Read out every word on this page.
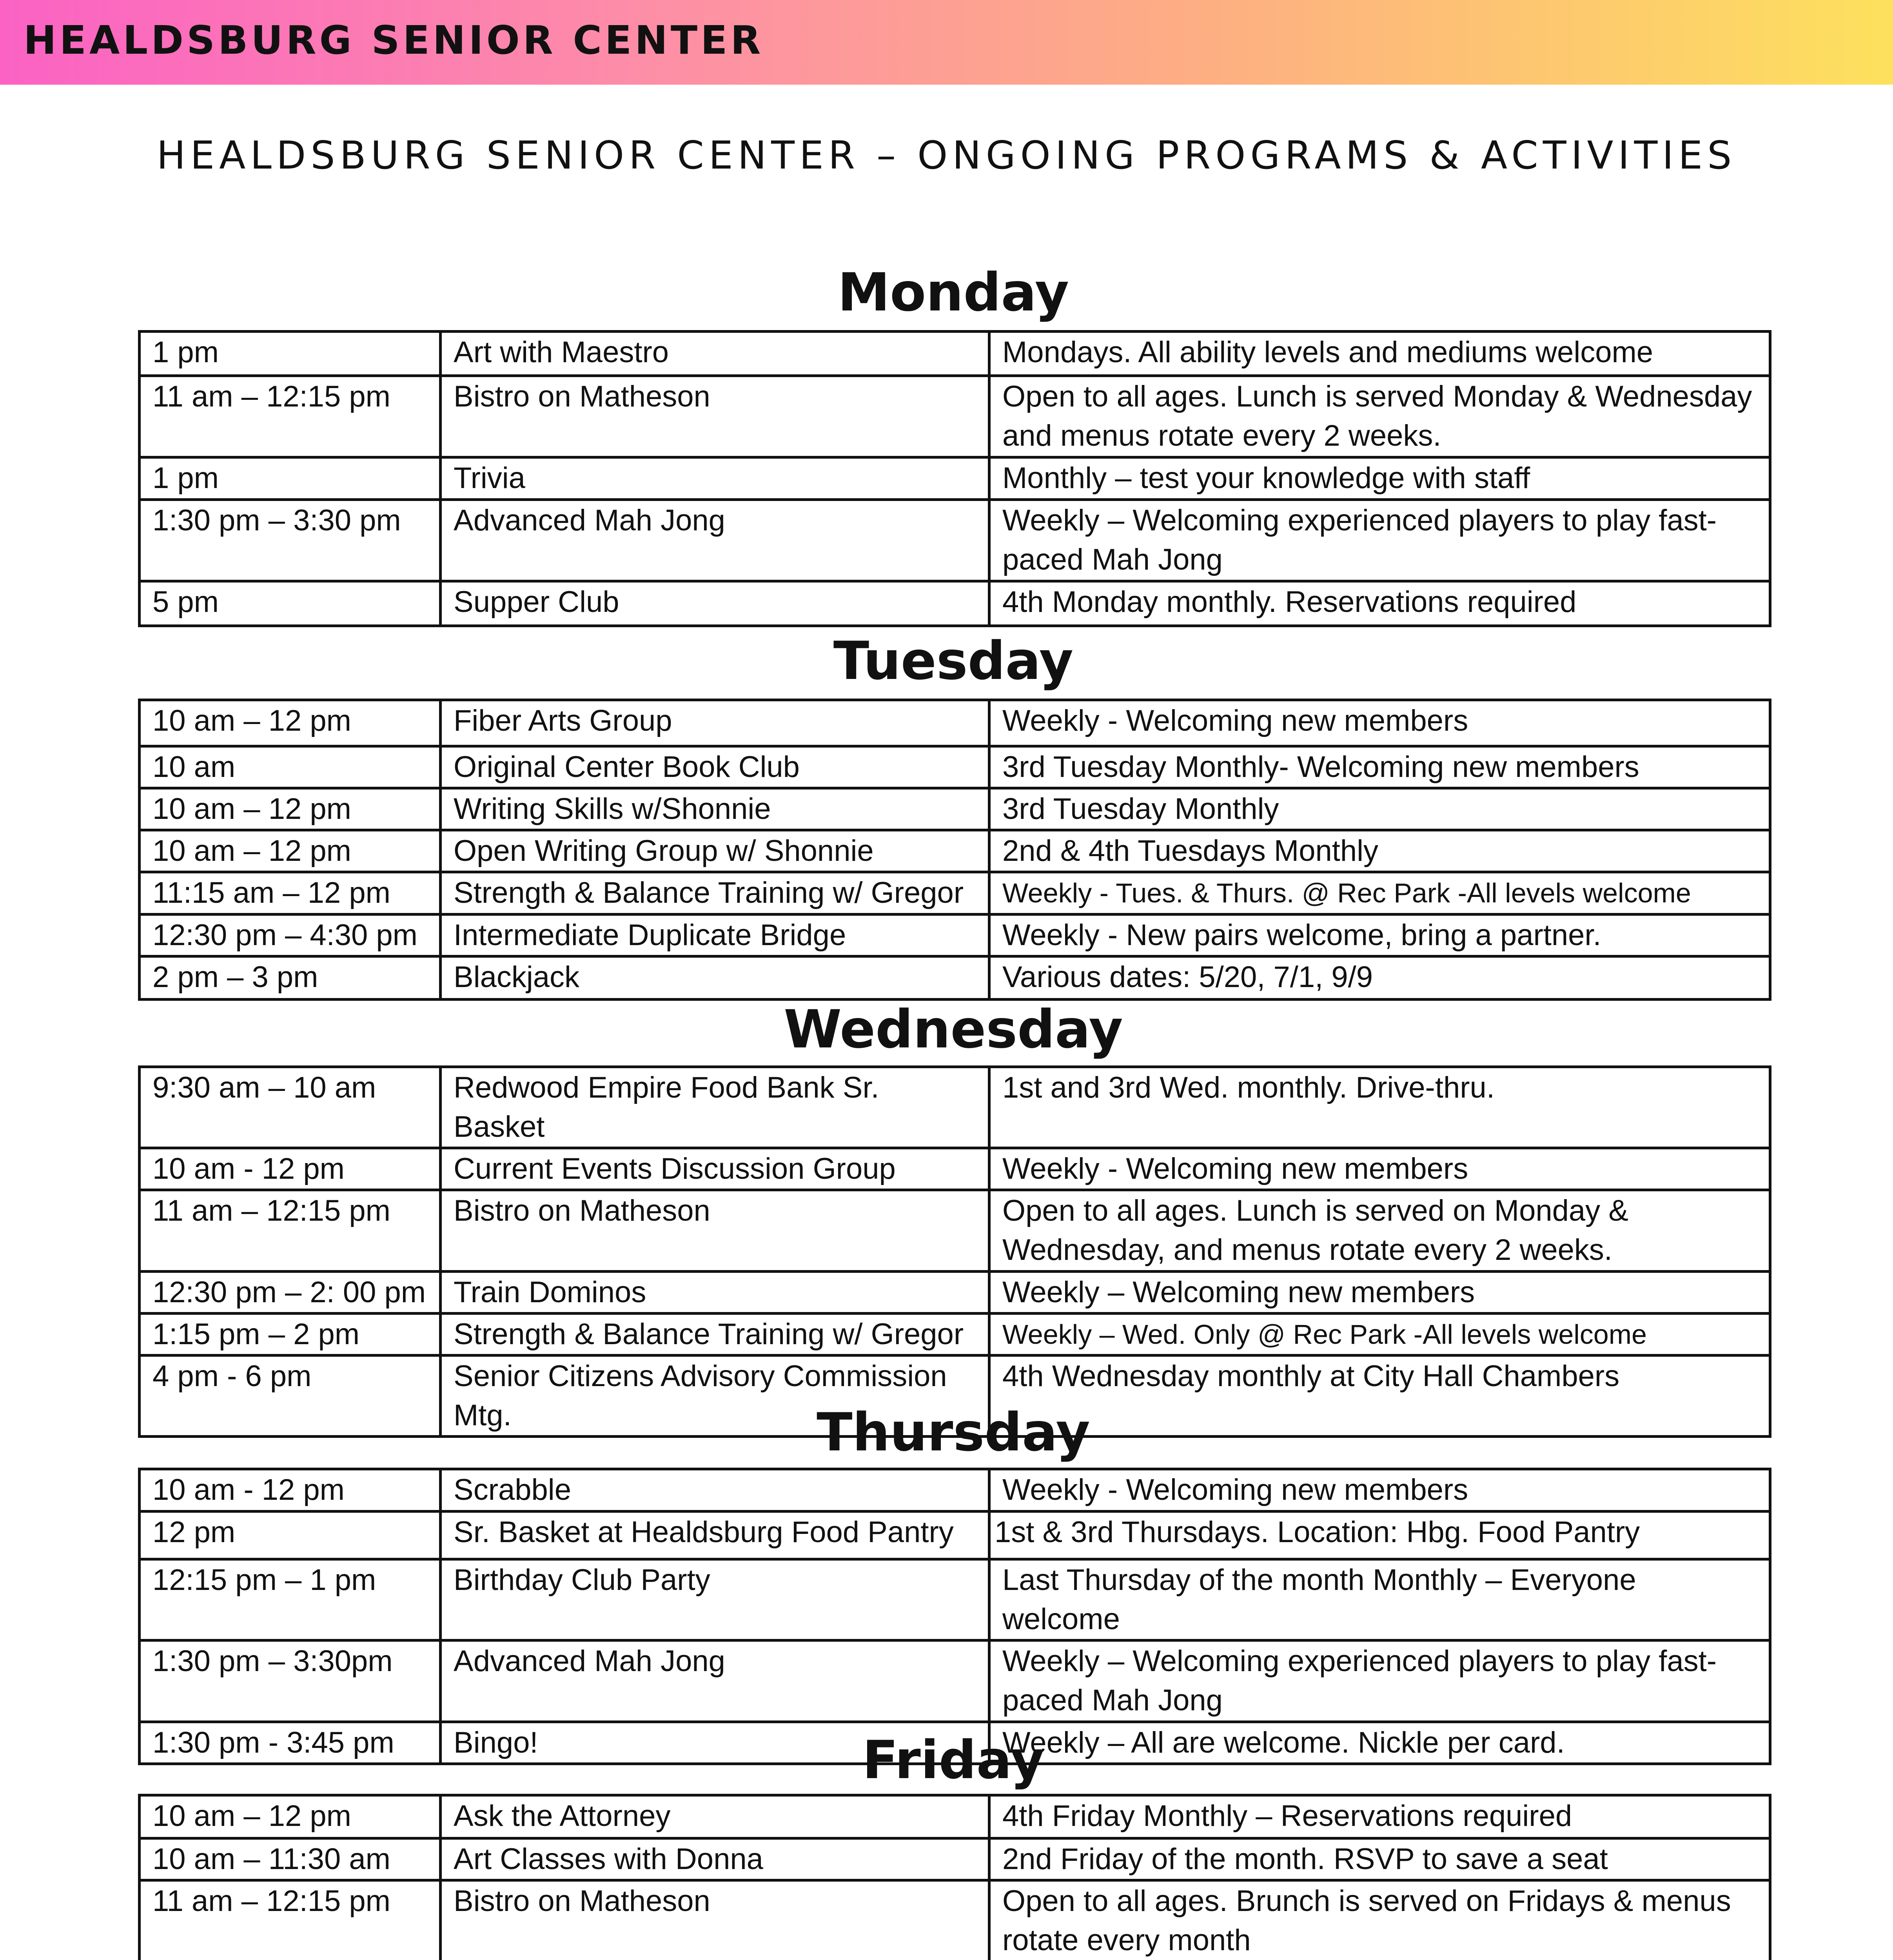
HEALDSBURG SENIOR CENTER
HEALDSBURG SENIOR CENTER – ONGOING PROGRAMS & ACTIVITIES
Monday
1 pm	Art with Maestro	Mondays. All ability levels and mediums welcome
11 am – 12:15 pm	Bistro on Matheson	Open to all ages. Lunch is served Monday & Wednesday and menus rotate every 2 weeks.
1 pm	Trivia	Monthly – test your knowledge with staff
1:30 pm – 3:30 pm	Advanced Mah Jong	Weekly – Welcoming experienced players to play fast-paced Mah Jong
5 pm	Supper Club	4th Monday monthly. Reservations required
Tuesday
10 am – 12 pm	Fiber Arts Group	Weekly - Welcoming new members
10 am	Original Center Book Club	3rd Tuesday Monthly- Welcoming new members
10 am – 12 pm	Writing Skills w/Shonnie	3rd Tuesday Monthly
10 am – 12 pm	Open Writing Group w/ Shonnie	2nd & 4th Tuesdays Monthly
11:15 am – 12 pm	Strength & Balance Training w/ Gregor	Weekly - Tues. & Thurs. @ Rec Park -All levels welcome
12:30 pm – 4:30 pm	Intermediate Duplicate Bridge	Weekly - New pairs welcome, bring a partner.
2 pm – 3 pm	Blackjack	Various dates: 5/20, 7/1, 9/9
Wednesday
9:30 am – 10 am	Redwood Empire Food Bank Sr. Basket	1st and 3rd Wed. monthly. Drive-thru.
10 am - 12 pm	Current Events Discussion Group	Weekly - Welcoming new members
11 am – 12:15 pm	Bistro on Matheson	Open to all ages. Lunch is served on Monday & Wednesday, and menus rotate every 2 weeks.
12:30 pm – 2: 00 pm	Train Dominos	Weekly – Welcoming new members
1:15 pm – 2 pm	Strength & Balance Training w/ Gregor	Weekly – Wed. Only @ Rec Park -All levels welcome
4 pm - 6 pm	Senior Citizens Advisory Commission Mtg.	4th Wednesday monthly at City Hall Chambers
Thursday
10 am - 12 pm	Scrabble	Weekly - Welcoming new members
12 pm	Sr. Basket at Healdsburg Food Pantry	1st & 3rd Thursdays. Location: Hbg. Food Pantry
12:15 pm – 1 pm	Birthday Club Party	Last Thursday of the month Monthly – Everyone welcome
1:30 pm – 3:30pm	Advanced Mah Jong	Weekly – Welcoming experienced players to play fast-paced Mah Jong
1:30 pm - 3:45 pm	Bingo!	Weekly – All are welcome. Nickle per card.
Friday
10 am – 12 pm	Ask the Attorney	4th Friday Monthly – Reservations required
10 am – 11:30 am	Art Classes with Donna	2nd Friday of the month. RSVP to save a seat
11 am – 12:15 pm	Bistro on Matheson	Open to all ages. Brunch is served on Fridays & menus rotate every month
